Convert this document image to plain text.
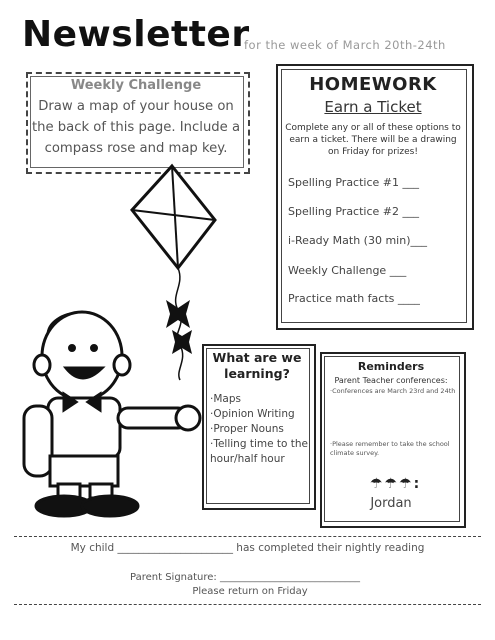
Newsletter
for the week of March 20th-24th
Weekly Challenge
Draw a map of your house on the back of this page. Include a compass rose and map key.
HOMEWORK
Earn a Ticket
Complete any or all of these options to earn a ticket. There will be a drawing on Friday for prizes!
Spelling Practice #1 ___
Spelling Practice #2 ___
i-Ready Math (30 min)___
Weekly Challenge ___
Practice math facts ____
What are we learning?
·Maps
·Opinion Writing
·Proper Nouns
·Telling time to the hour/half hour
Reminders
Parent Teacher conferences:
·Conferences are March 23rd and 24th
·Please remember to take the school climate survey.
☂☂☂:
Jordan
My child ______________________ has completed their nightly reading
Parent Signature: ____________________________
Please return on Friday
